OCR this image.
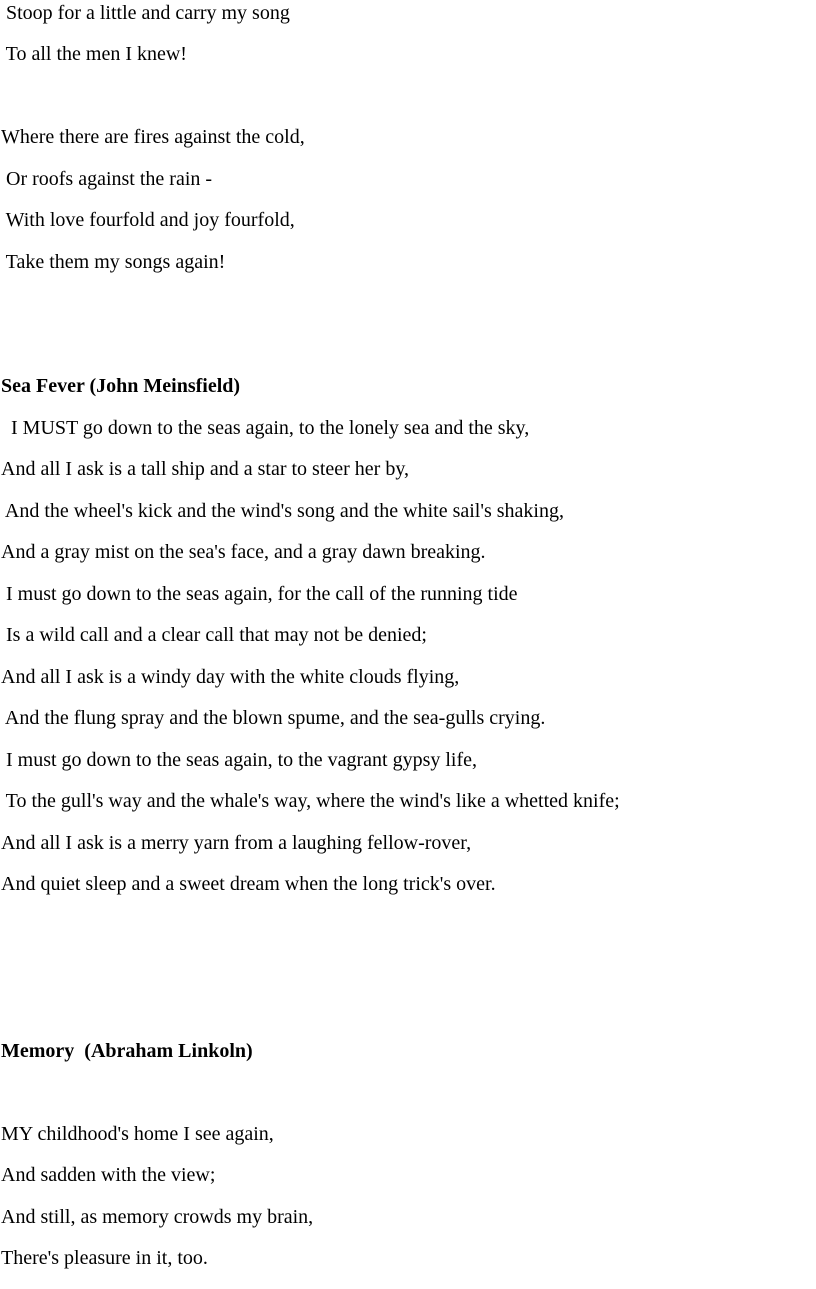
Stoop for a little and carry my song
To all the men I knew!
Where there are fires against the cold,
Or roofs against the rain -
With love fourfold and joy fourfold,
Take them my songs again!
Sea Fever (John Meinsfield)
I MUST go down to the seas again, to the lonely sea and the sky,
And all I ask is a tall ship and a star to steer her by,
And the wheel's kick and the wind's song and the white sail's shaking,
And a gray mist on the sea's face, and a gray dawn breaking.
I must go down to the seas again, for the call of the running tide
Is a wild call and a clear call that may not be denied;
And all I ask is a windy day with the white clouds flying,
And the flung spray and the blown spume, and the sea-gulls crying.
I must go down to the seas again, to the vagrant gypsy life,
To the gull's way and the whale's way, where the wind's like a whetted knife;
And all I ask is a merry yarn from a laughing fellow-rover,
And quiet sleep and a sweet dream when the long trick's over.
Memory  (Abraham Linkoln)
MY childhood's home I see again,
And sadden with the view;
And still, as memory crowds my brain,
There's pleasure in it, too.
